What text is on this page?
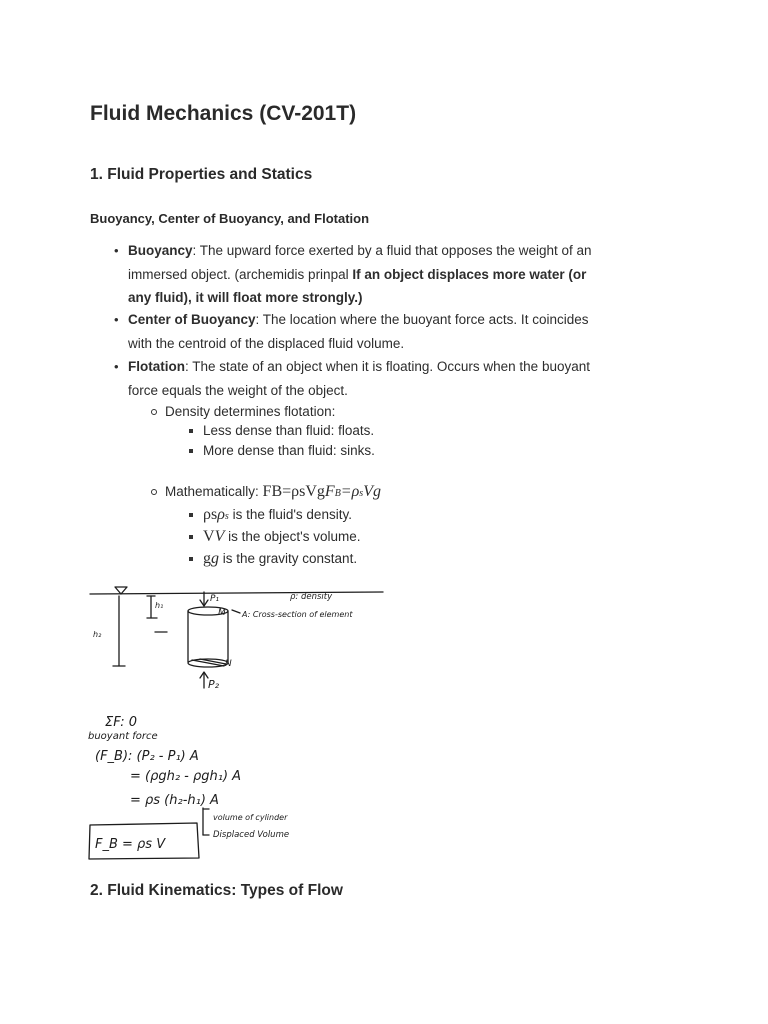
Fluid Mechanics (CV-201T)
1. Fluid Properties and Statics
Buoyancy, Center of Buoyancy, and Flotation
• Buoyancy: The upward force exerted by a fluid that opposes the weight of an
immersed object. (archemidis prinpal If an object displaces more water (or
any fluid), it will float more strongly.)
• Center of Buoyancy: The location where the buoyant force acts. It coincides
with the centroid of the displaced fluid volume.
• Flotation: The state of an object when it is floating. Occurs when the buoyant
force equals the weight of the object.
Density determines flotation:
Less dense than fluid: floats.
More dense than fluid: sinks.
Mathematically: FB=ρsVgFB=ρsVg
ρsρs is the fluid's density.
VV is the object's volume.
gg is the gravity constant.
2. Fluid Kinematics: Types of Flow
P₁	ρ: density
M A: Cross-section of element
h₁
h₂
N
P₂
ΣF: 0
buoyant force
(F_B): (P₂ - P₁) A
= (ρgh₂ - ρgh₁) A
= ρs (h₂-h₁) A
volume of cylinder
Displaced Volume
F_B = ρs V
